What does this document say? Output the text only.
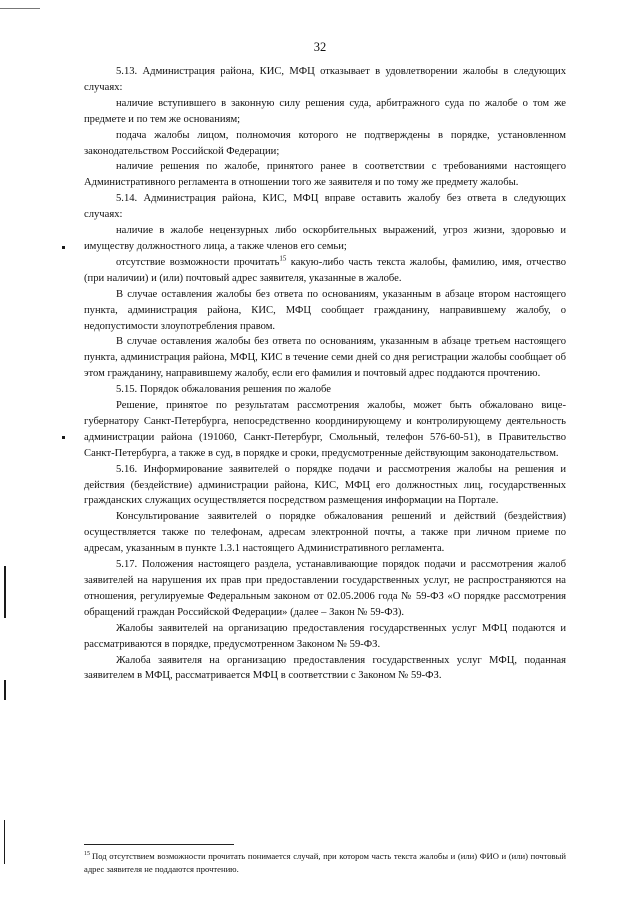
32

5.13. Администрация района, КИС, МФЦ отказывает в удовлетворении жалобы в следующих случаях:

наличие вступившего в законную силу решения суда, арбитражного суда по жалобе о том же предмете и по тем же основаниям;

подача жалобы лицом, полномочия которого не подтверждены в порядке, установленном законодательством Российской Федерации;

наличие решения по жалобе, принятого ранее в соответствии с требованиями настоящего Административного регламента в отношении того же заявителя и по тому же предмету жалобы.

5.14. Администрация района, КИС, МФЦ вправе оставить жалобу без ответа в следующих случаях:

наличие в жалобе нецензурных либо оскорбительных выражений, угроз жизни, здоровью и имуществу должностного лица, а также членов его семьи;

отсутствие возможности прочитать$^{15}$ какую-либо часть текста жалобы, фамилию, имя, отчество (при наличии) и (или) почтовый адрес заявителя, указанные в жалобе.

В случае оставления жалобы без ответа по основаниям, указанным в абзаце втором настоящего пункта, администрация района, КИС, МФЦ сообщает гражданину, направившему жалобу, о недопустимости злоупотребления правом.

В случае оставления жалобы без ответа по основаниям, указанным в абзаце третьем настоящего пункта, администрация района, МФЦ, КИС в течение семи дней со дня регистрации жалобы сообщает об этом гражданину, направившему жалобу, если его фамилия и почтовый адрес поддаются прочтению.

5.15. Порядок обжалования решения по жалобе

Решение, принятое по результатам рассмотрения жалобы, может быть обжаловано вице-губернатору Санкт-Петербурга, непосредственно координирующему и контролирующему деятельность администрации района (191060, Санкт-Петербург, Смольный, телефон 576-60-51), в Правительство Санкт-Петербурга, а также в суд, в порядке и сроки, предусмотренные действующим законодательством.

5.16. Информирование заявителей о порядке подачи и рассмотрения жалобы на решения и действия (бездействие) администрации района, КИС, МФЦ его должностных лиц, государственных гражданских служащих осуществляется посредством размещения информации на Портале.

Консультирование заявителей о порядке обжалования решений и действий (бездействия) осуществляется также по телефонам, адресам электронной почты, а также при личном приеме по адресам, указанным в пункте 1.3.1 настоящего Административного регламента.

5.17. Положения настоящего раздела, устанавливающие порядок подачи и рассмотрения жалоб заявителей на нарушения их прав при предоставлении государственных услуг, не распространяются на отношения, регулируемые Федеральным законом от 02.05.2006 года № 59-ФЗ «О порядке рассмотрения обращений граждан Российской Федерации» (далее – Закон № 59-ФЗ).

Жалобы заявителей на организацию предоставления государственных услуг МФЦ подаются и рассматриваются в порядке, предусмотренном Законом № 59-ФЗ.

Жалоба заявителя на организацию предоставления государственных услуг МФЦ, поданная заявителем в МФЦ, рассматривается МФЦ в соответствии с Законом № 59-ФЗ.

$^{15}$ Под отсутствием возможности прочитать понимается случай, при котором часть текста жалобы и (или) ФИО и (или) почтовый адрес заявителя не поддаются прочтению.
